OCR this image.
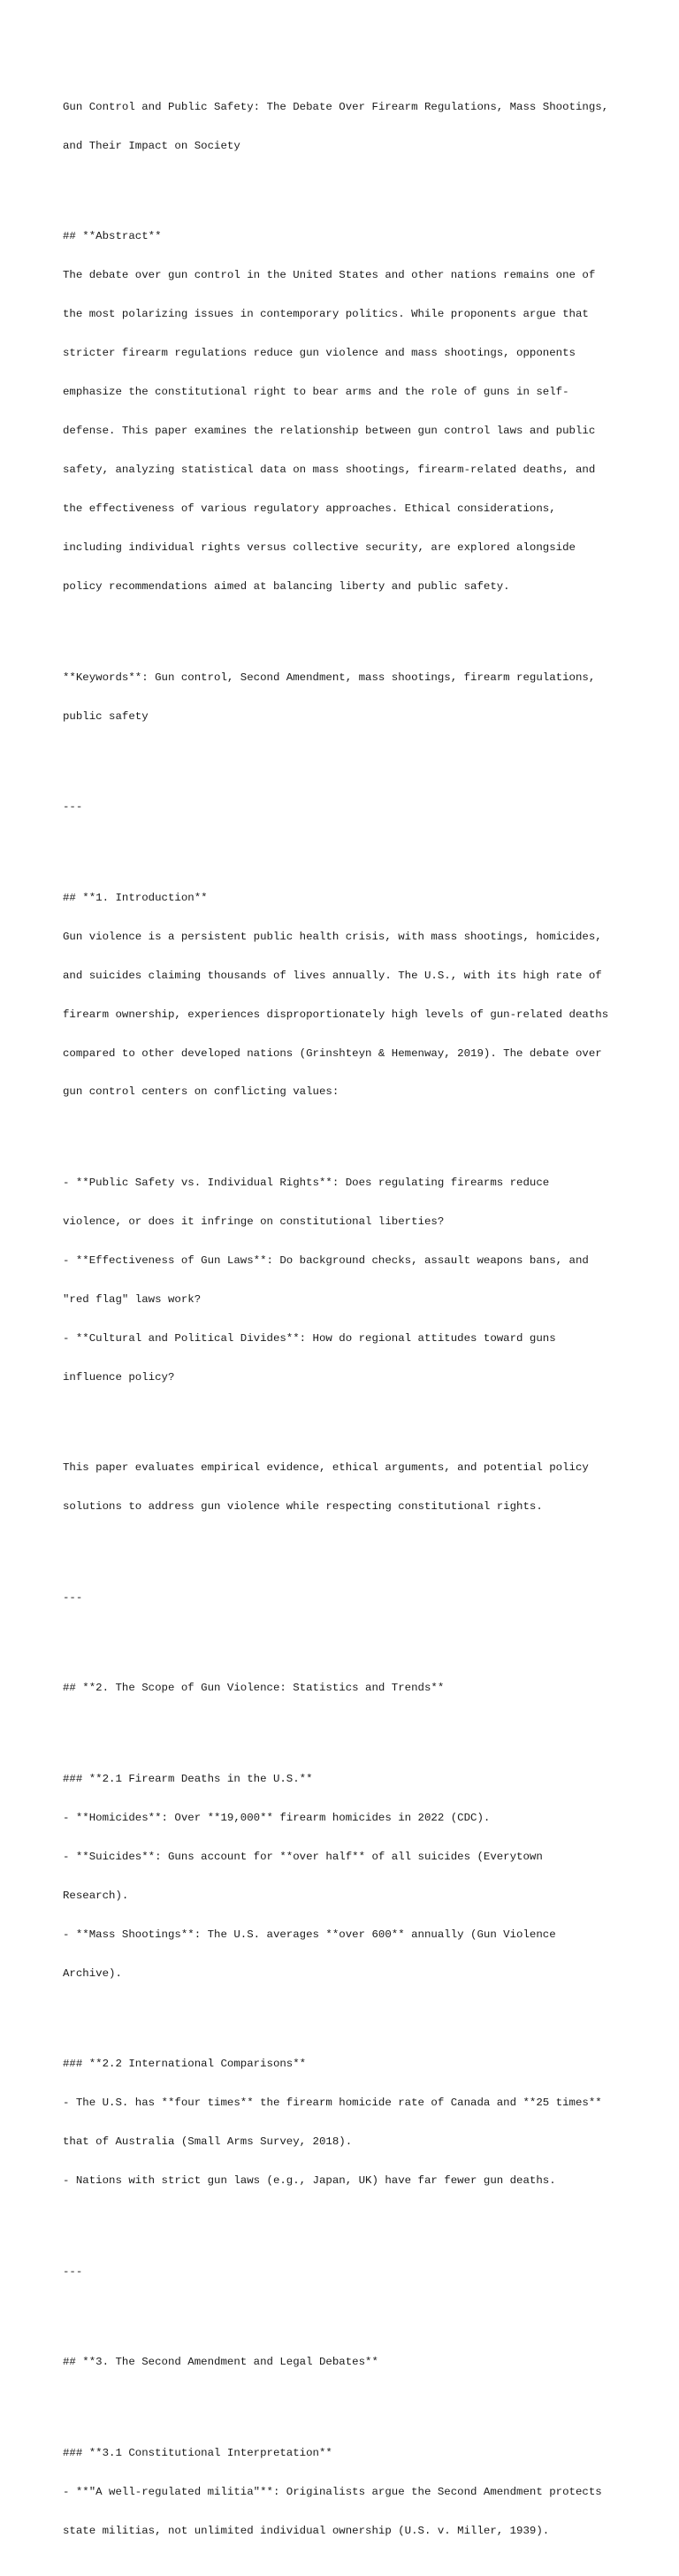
Gun Control and Public Safety: The Debate Over Firearm Regulations, Mass Shootings,

and Their Impact on Society

## **Abstract**

The debate over gun control in the United States and other nations remains one of

the most polarizing issues in contemporary politics. While proponents argue that

stricter firearm regulations reduce gun violence and mass shootings, opponents

emphasize the constitutional right to bear arms and the role of guns in self-

defense. This paper examines the relationship between gun control laws and public

safety, analyzing statistical data on mass shootings, firearm-related deaths, and

the effectiveness of various regulatory approaches. Ethical considerations,

including individual rights versus collective security, are explored alongside

policy recommendations aimed at balancing liberty and public safety.

**Keywords**: Gun control, Second Amendment, mass shootings, firearm regulations,

public safety

---

## **1. Introduction**

Gun violence is a persistent public health crisis, with mass shootings, homicides,

and suicides claiming thousands of lives annually. The U.S., with its high rate of

firearm ownership, experiences disproportionately high levels of gun-related deaths

compared to other developed nations (Grinshteyn & Hemenway, 2019). The debate over

gun control centers on conflicting values:

- **Public Safety vs. Individual Rights**: Does regulating firearms reduce

violence, or does it infringe on constitutional liberties?

- **Effectiveness of Gun Laws**: Do background checks, assault weapons bans, and

"red flag" laws work?

- **Cultural and Political Divides**: How do regional attitudes toward guns

influence policy?

This paper evaluates empirical evidence, ethical arguments, and potential policy

solutions to address gun violence while respecting constitutional rights.

---

## **2. The Scope of Gun Violence: Statistics and Trends**

### **2.1 Firearm Deaths in the U.S.**

- **Homicides**: Over **19,000** firearm homicides in 2022 (CDC).

- **Suicides**: Guns account for **over half** of all suicides (Everytown

Research).

- **Mass Shootings**: The U.S. averages **over 600** annually (Gun Violence

Archive).

### **2.2 International Comparisons**

- The U.S. has **four times** the firearm homicide rate of Canada and **25 times**

that of Australia (Small Arms Survey, 2018).

- Nations with strict gun laws (e.g., Japan, UK) have far fewer gun deaths.

---

## **3. The Second Amendment and Legal Debates**

### **3.1 Constitutional Interpretation**

- **"A well-regulated militia"**: Originalists argue the Second Amendment protects

state militias, not unlimited individual ownership (U.S. v. Miller, 1939).
